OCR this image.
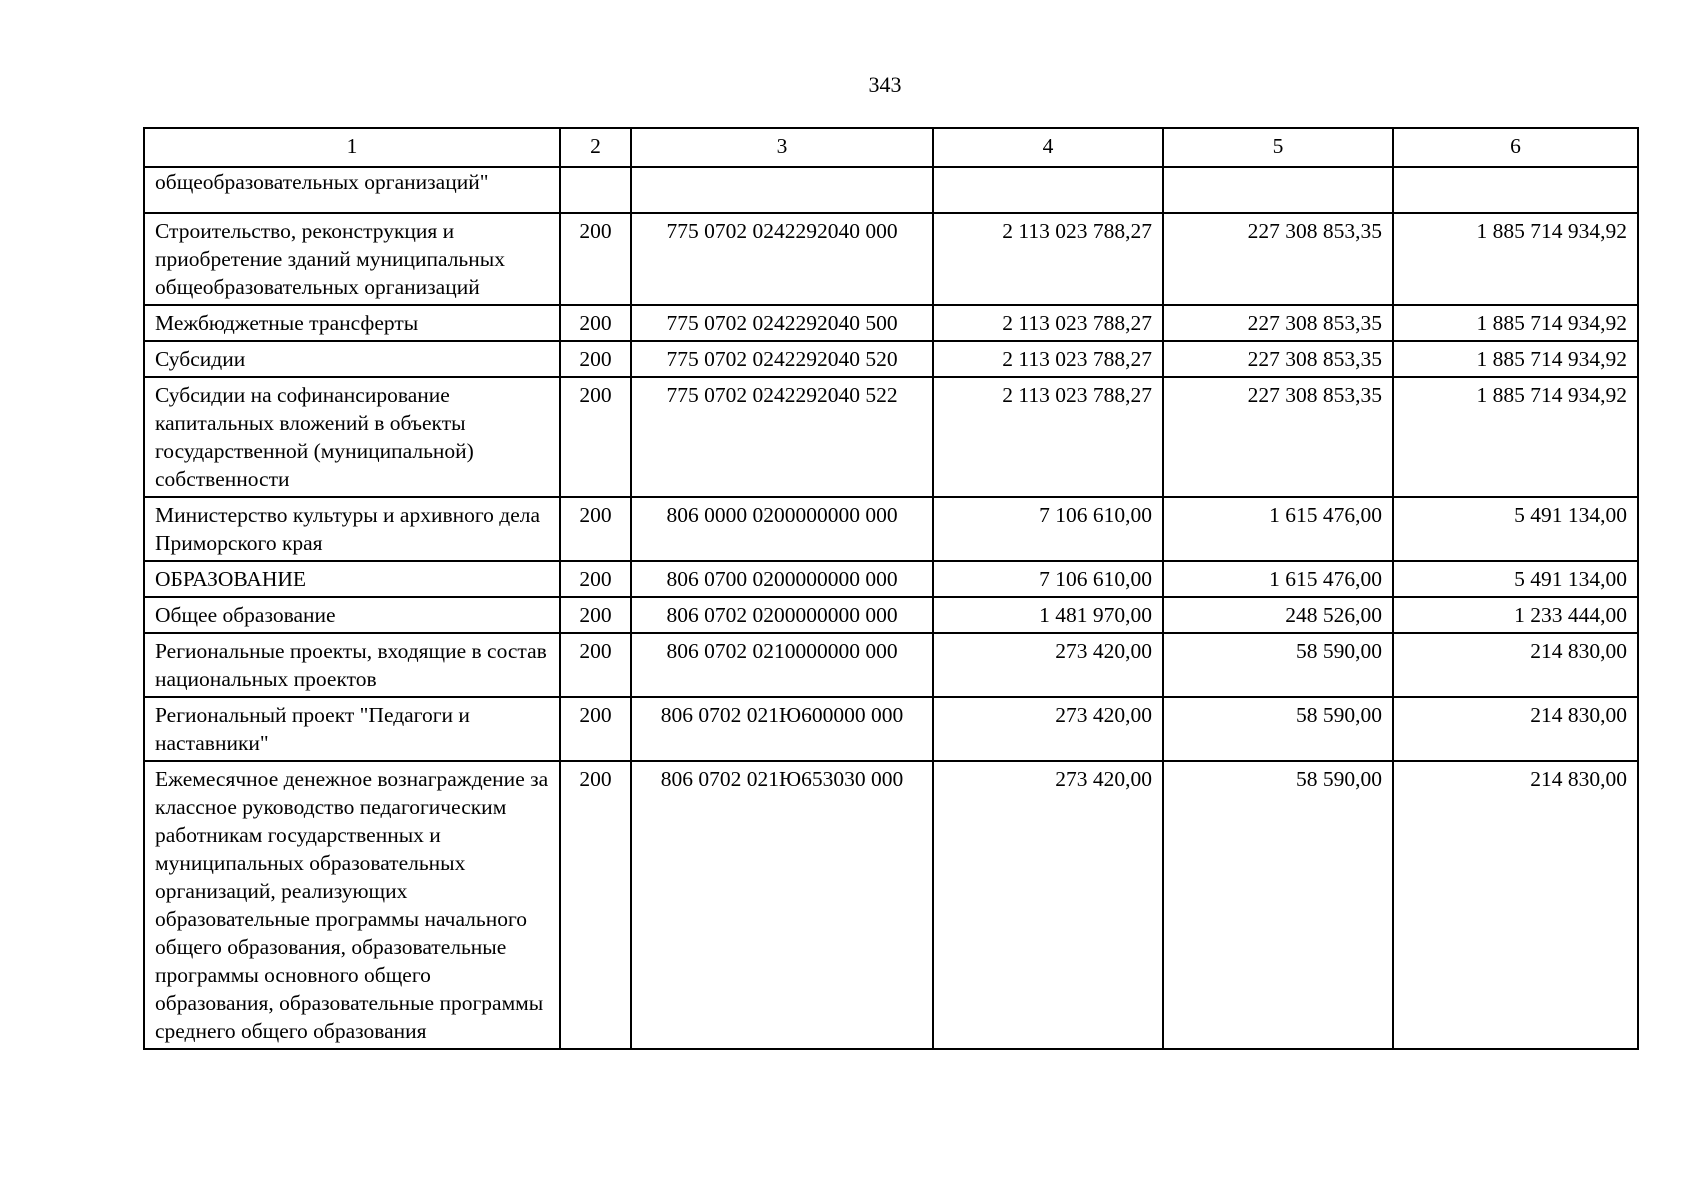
343
1	2	3	4	5	6
общеобразовательных организаций"					
Строительство, реконструкция и приобретение зданий муниципальных общеобразовательных организаций	200	775 0702 0242292040 000	2 113 023 788,27	227 308 853,35	1 885 714 934,92
Межбюджетные трансферты	200	775 0702 0242292040 500	2 113 023 788,27	227 308 853,35	1 885 714 934,92
Субсидии	200	775 0702 0242292040 520	2 113 023 788,27	227 308 853,35	1 885 714 934,92
Субсидии на софинансирование капитальных вложений в объекты государственной (муниципальной) собственности	200	775 0702 0242292040 522	2 113 023 788,27	227 308 853,35	1 885 714 934,92
Министерство культуры и архивного дела Приморского края	200	806 0000 0200000000 000	7 106 610,00	1 615 476,00	5 491 134,00
ОБРАЗОВАНИЕ	200	806 0700 0200000000 000	7 106 610,00	1 615 476,00	5 491 134,00
Общее образование	200	806 0702 0200000000 000	1 481 970,00	248 526,00	1 233 444,00
Региональные проекты, входящие в состав национальных проектов	200	806 0702 0210000000 000	273 420,00	58 590,00	214 830,00
Региональный проект "Педагоги и наставники"	200	806 0702 021Ю600000 000	273 420,00	58 590,00	214 830,00
Ежемесячное денежное вознаграждение за классное руководство педагогическим работникам государственных и муниципальных образовательных организаций, реализующих образовательные программы начального общего образования, образовательные программы основного общего образования, образовательные программы среднего общего образования	200	806 0702 021Ю653030 000	273 420,00	58 590,00	214 830,00
